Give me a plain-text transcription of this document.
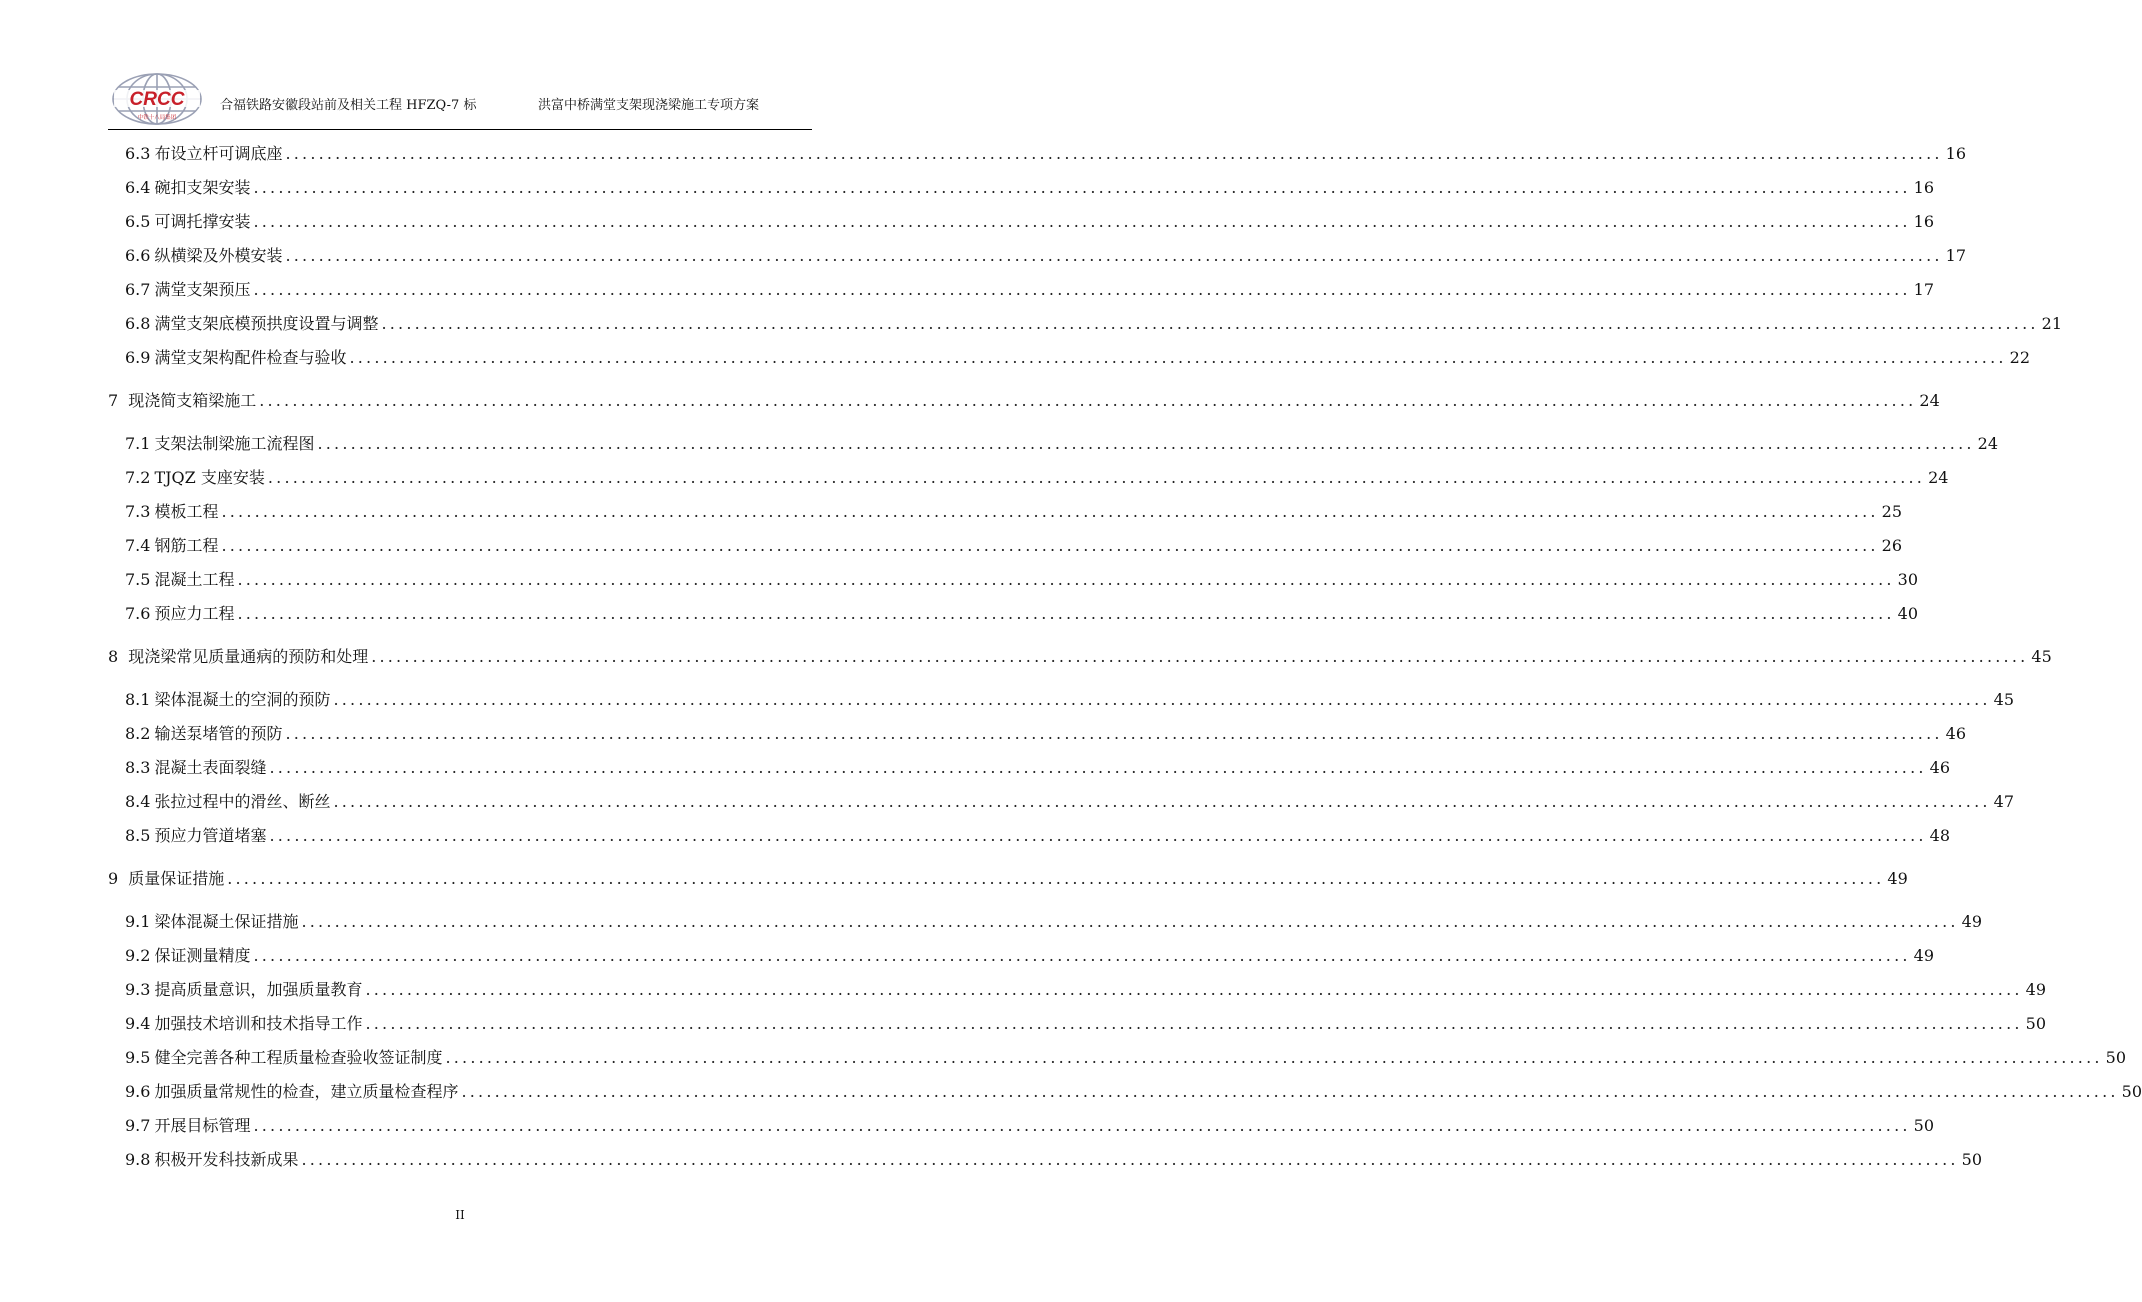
CRCC
中铁十八局集团
合福铁路安徽段站前及相关工程 HFZQ-7 标	洪富中桥满堂支架现浇梁施工专项方案
6.3 布设立杆可调底座 ........................................................................................................................................................................................................ 16
6.4 碗扣支架安装 ........................................................................................................................................................................................................ 16
6.5 可调托撑安装 ........................................................................................................................................................................................................ 16
6.6 纵横梁及外模安装 ........................................................................................................................................................................................................ 17
6.7 满堂支架预压 ........................................................................................................................................................................................................ 17
6.8 满堂支架底模预拱度设置与调整 ........................................................................................................................................................................................................ 21
6.9 满堂支架构配件检查与验收 ........................................................................................................................................................................................................ 22
7 现浇简支箱梁施工 ........................................................................................................................................................................................................ 24
7.1 支架法制梁施工流程图 ........................................................................................................................................................................................................ 24
7.2 TJQZ 支座安装 ........................................................................................................................................................................................................ 24
7.3 模板工程 ........................................................................................................................................................................................................ 25
7.4 钢筋工程 ........................................................................................................................................................................................................ 26
7.5 混凝土工程 ........................................................................................................................................................................................................ 30
7.6 预应力工程 ........................................................................................................................................................................................................ 40
8 现浇梁常见质量通病的预防和处理 ........................................................................................................................................................................................................ 45
8.1 梁体混凝土的空洞的预防 ........................................................................................................................................................................................................ 45
8.2 输送泵堵管的预防 ........................................................................................................................................................................................................ 46
8.3 混凝土表面裂缝 ........................................................................................................................................................................................................ 46
8.4 张拉过程中的滑丝、断丝 ........................................................................................................................................................................................................ 47
8.5 预应力管道堵塞 ........................................................................................................................................................................................................ 48
9 质量保证措施 ........................................................................................................................................................................................................ 49
9.1 梁体混凝土保证措施 ........................................................................................................................................................................................................ 49
9.2 保证测量精度 ........................................................................................................................................................................................................ 49
9.3 提高质量意识，加强质量教育 ........................................................................................................................................................................................................ 49
9.4 加强技术培训和技术指导工作 ........................................................................................................................................................................................................ 50
9.5 健全完善各种工程质量检查验收签证制度 ........................................................................................................................................................................................................ 50
9.6 加强质量常规性的检查，建立质量检查程序 ........................................................................................................................................................................................................ 50
9.7 开展目标管理 ........................................................................................................................................................................................................ 50
9.8 积极开发科技新成果 ........................................................................................................................................................................................................ 50
II
